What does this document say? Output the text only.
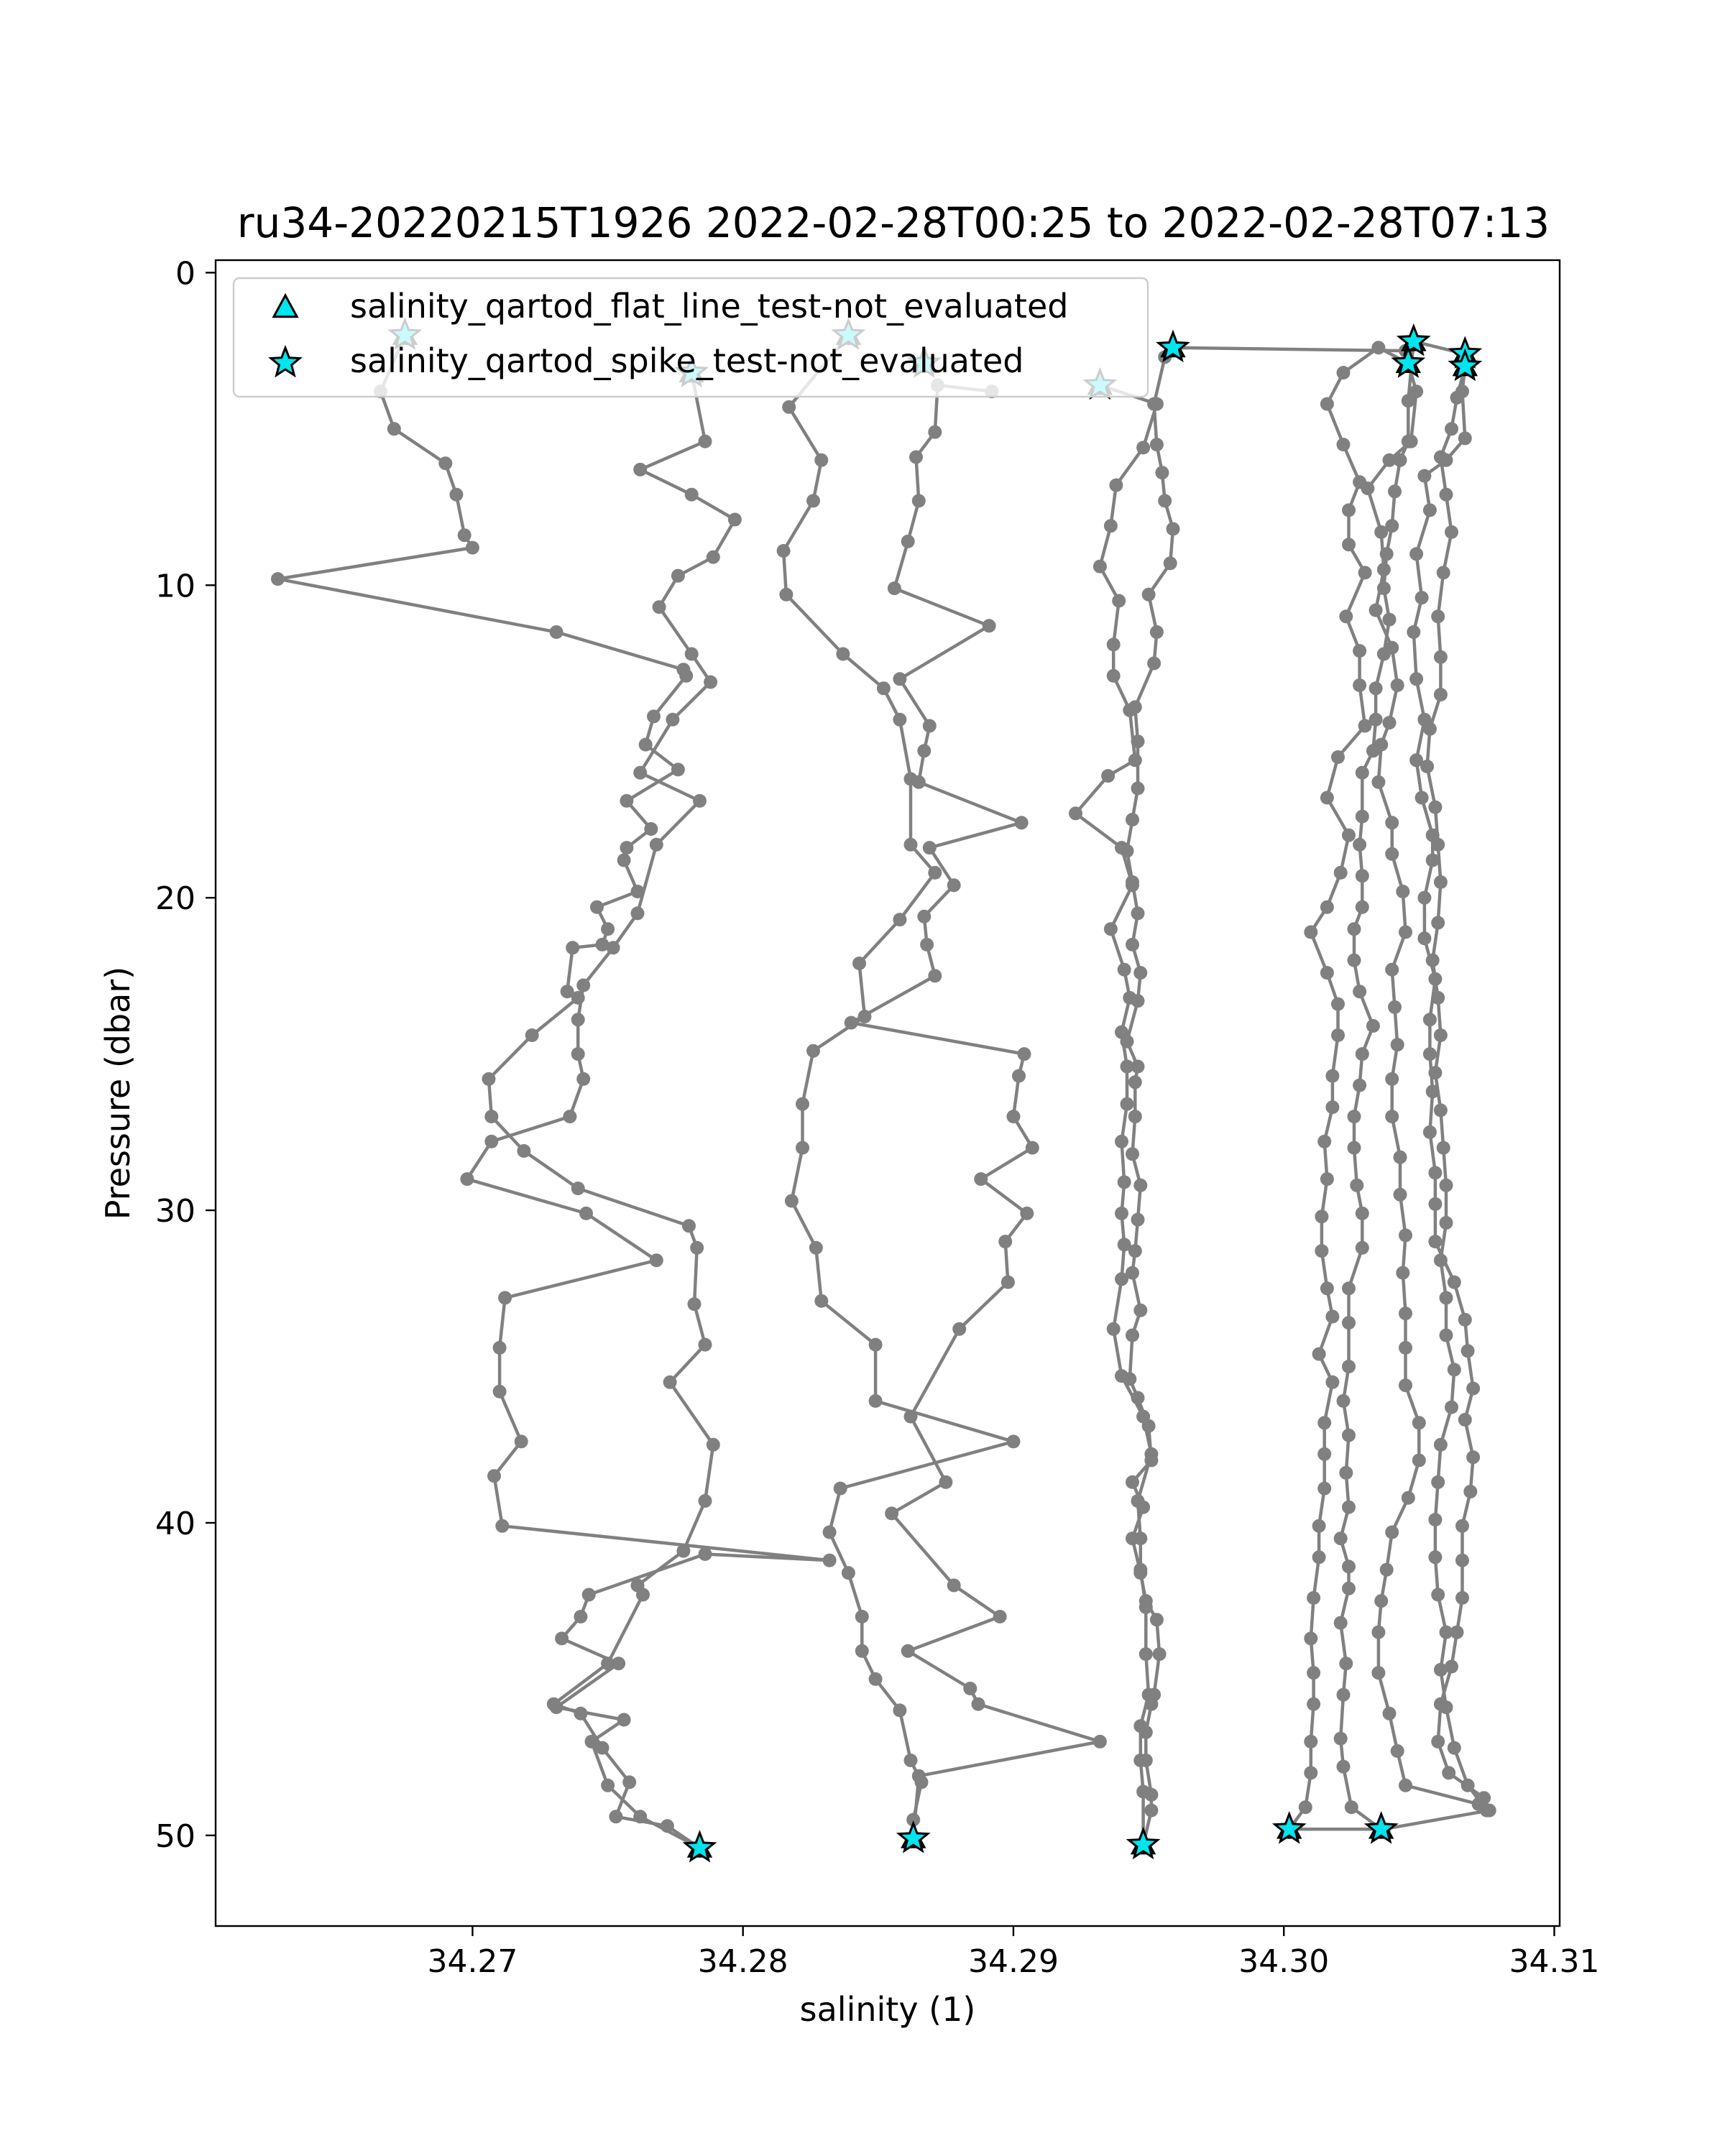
ru34-20220215T1926 2022-02-28T00:25 to 2022-02-28T07:13
34.27	34.28	34.29	34.30	34.31
0
10
20
30
40
50
salinity (1)
Pressure (dbar)
salinity_qartod_flat_line_test-not_evaluated
salinity_qartod_spike_test-not_evaluated
